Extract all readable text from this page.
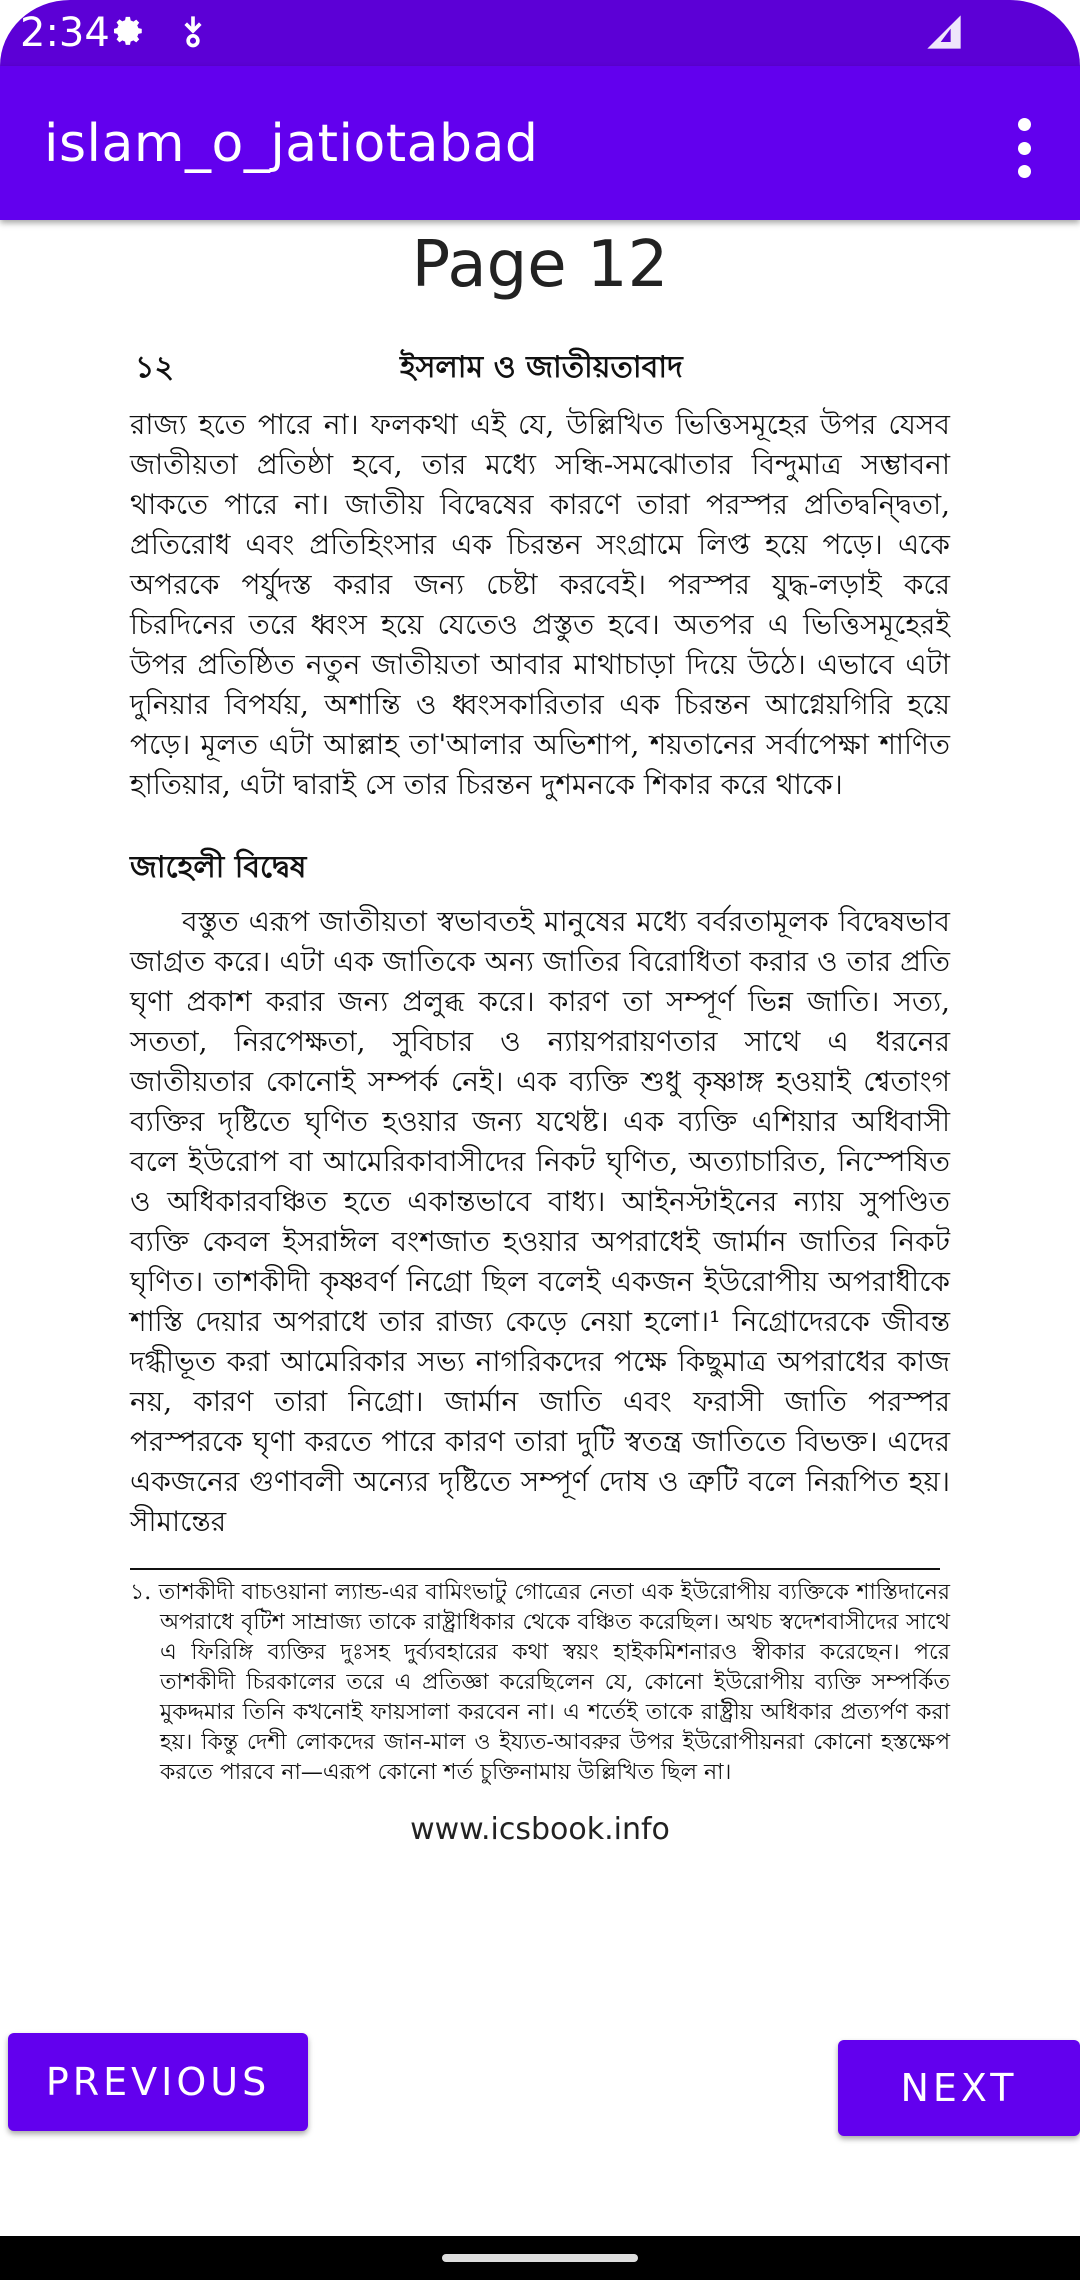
2:34
islam_o_jatiotabad
Page 12
১২	ইসলাম ও জাতীয়তাবাদ

রাজ্য হতে পারে না। ফলকথা এই যে, উল্লিখিত ভিত্তিসমূহের উপর যেসব জাতীয়তা প্রতিষ্ঠা হবে, তার মধ্যে সন্ধি-সমঝোতার বিন্দুমাত্র সম্ভাবনা থাকতে পারে না। জাতীয় বিদ্বেষের কারণে তারা পরস্পর প্রতিদ্বন্দ্বিতা, প্রতিরোধ এবং প্রতিহিংসার এক চিরন্তন সংগ্রামে লিপ্ত হয়ে পড়ে। একে অপরকে পর্যুদস্ত করার জন্য চেষ্টা করবেই। পরস্পর যুদ্ধ-লড়াই করে চিরদিনের তরে ধ্বংস হয়ে যেতেও প্রস্তুত হবে। অতপর এ ভিত্তিসমূহেরই উপর প্রতিষ্ঠিত নতুন জাতীয়তা আবার মাথাচাড়া দিয়ে উঠে। এভাবে এটা দুনিয়ার বিপর্যয়, অশান্তি ও ধ্বংসকারিতার এক চিরন্তন আগ্নেয়গিরি হয়ে পড়ে। মূলত এটা আল্লাহ তা'আলার অভিশাপ, শয়তানের সর্বাপেক্ষা শাণিত হাতিয়ার, এটা দ্বারাই সে তার চিরন্তন দুশমনকে শিকার করে থাকে।

জাহেলী বিদ্বেষ

বস্তুত এরূপ জাতীয়তা স্বভাবতই মানুষের মধ্যে বর্বরতামূলক বিদ্বেষভাব জাগ্রত করে। এটা এক জাতিকে অন্য জাতির বিরোধিতা করার ও তার প্রতি ঘৃণা প্রকাশ করার জন্য প্রলুব্ধ করে। কারণ তা সম্পূর্ণ ভিন্ন জাতি। সত্য, সততা, নিরপেক্ষতা, সুবিচার ও ন্যায়পরায়ণতার সাথে এ ধরনের জাতীয়তার কোনোই সম্পর্ক নেই। এক ব্যক্তি শুধু কৃষ্ণাঙ্গ হওয়াই শ্বেতাংগ ব্যক্তির দৃষ্টিতে ঘৃণিত হওয়ার জন্য যথেষ্ট। এক ব্যক্তি এশিয়ার অধিবাসী বলে ইউরোপ বা আমেরিকাবাসীদের নিকট ঘৃণিত, অত্যাচারিত, নিস্পেষিত ও অধিকারবঞ্চিত হতে একান্তভাবে বাধ্য। আইনস্টাইনের ন্যায় সুপণ্ডিত ব্যক্তি কেবল ইসরাঈল বংশজাত হওয়ার অপরাধেই জার্মান জাতির নিকট ঘৃণিত। তাশকীদী কৃষ্ণবর্ণ নিগ্রো ছিল বলেই একজন ইউরোপীয় অপরাধীকে শাস্তি দেয়ার অপরাধে তার রাজ্য কেড়ে নেয়া হলো।¹ নিগ্রোদেরকে জীবন্ত দগ্ধীভূত করা আমেরিকার সভ্য নাগরিকদের পক্ষে কিছুমাত্র অপরাধের কাজ নয়, কারণ তারা নিগ্রো। জার্মান জাতি এবং ফরাসী জাতি পরস্পর পরস্পরকে ঘৃণা করতে পারে কারণ তারা দুটি স্বতন্ত্র জাতিতে বিভক্ত। এদের একজনের গুণাবলী অন্যের দৃষ্টিতে সম্পূর্ণ দোষ ও ত্রুটি বলে নিরূপিত হয়। সীমান্তের

১. তাশকীদী বাচওয়ানা ল্যান্ড-এর বামিংভাটু গোত্রের নেতা এক ইউরোপীয় ব্যক্তিকে শাস্তিদানের অপরাধে বৃটিশ সাম্রাজ্য তাকে রাষ্ট্রাধিকার থেকে বঞ্চিত করেছিল। অথচ স্বদেশবাসীদের সাথে এ ফিরিঙ্গি ব্যক্তির দুঃসহ দুর্ব্যবহারের কথা স্বয়ং হাইকমিশনারও স্বীকার করেছেন। পরে তাশকীদী চিরকালের তরে এ প্রতিজ্ঞা করেছিলেন যে, কোনো ইউরোপীয় ব্যক্তি সম্পর্কিত মুকদ্দমার তিনি কখনোই ফায়সালা করবেন না। এ শর্তেই তাকে রাষ্ট্রীয় অধিকার প্রত্যর্পণ করা হয়। কিন্তু দেশী লোকদের জান-মাল ও ইয্যত-আবরুর উপর ইউরোপীয়নরা কোনো হস্তক্ষেপ করতে পারবে না—এরূপ কোনো শর্ত চুক্তিনামায় উল্লিখিত ছিল না।

www.icsbook.info
PREVIOUS	NEXT
